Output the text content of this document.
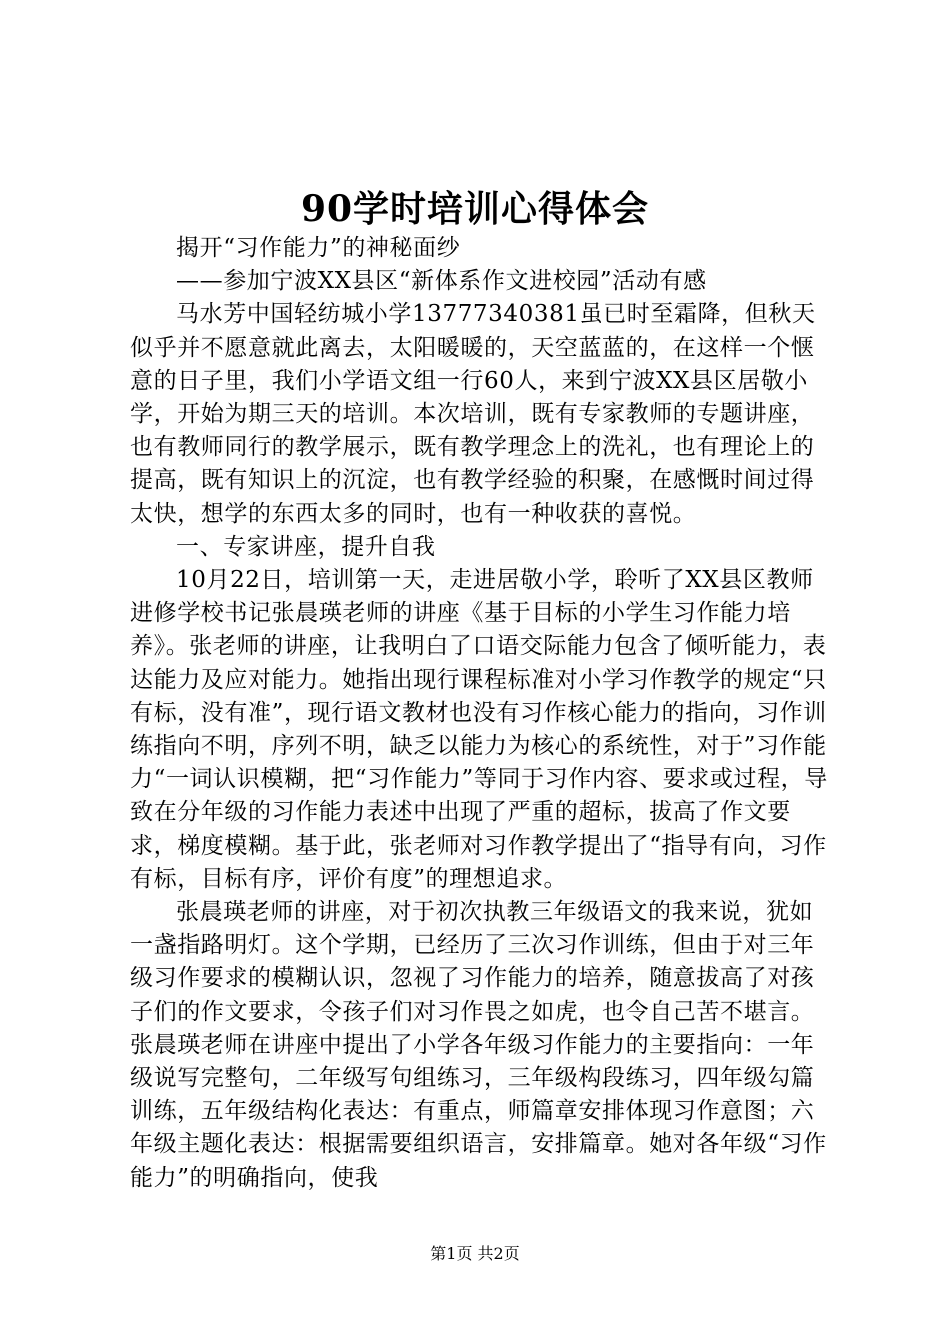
90学时培训心得体会

揭开“习作能力”的神秘面纱

——参加宁波XX县区“新体系作文进校园”活动有感

马水芳中国轻纺城小学13777340381虽已时至霜降，但秋天似乎并不愿意就此离去，太阳暖暖的，天空蓝蓝的，在这样一个惬意的日子里，我们小学语文组一行60人，来到宁波XX县区居敬小学，开始为期三天的培训。本次培训，既有专家教师的专题讲座，也有教师同行的教学展示，既有教学理念上的洗礼，也有理论上的提高，既有知识上的沉淀，也有教学经验的积聚，在感慨时间过得太快，想学的东西太多的同时，也有一种收获的喜悦。

一、专家讲座，提升自我

10月22日，培训第一天，走进居敬小学，聆听了XX县区教师进修学校书记张晨瑛老师的讲座《基于目标的小学生习作能力培养》。张老师的讲座，让我明白了口语交际能力包含了倾听能力，表达能力及应对能力。她指出现行课程标准对小学习作教学的规定“只有标，没有准”，现行语文教材也没有习作核心能力的指向，习作训练指向不明，序列不明，缺乏以能力为核心的系统性，对于”习作能力“一词认识模糊，把“习作能力”等同于习作内容、要求或过程，导致在分年级的习作能力表述中出现了严重的超标，拔高了作文要求，梯度模糊。基于此，张老师对习作教学提出了“指导有向，习作有标，目标有序，评价有度”的理想追求。

张晨瑛老师的讲座，对于初次执教三年级语文的我来说，犹如一盏指路明灯。这个学期，已经历了三次习作训练，但由于对三年级习作要求的模糊认识，忽视了习作能力的培养，随意拔高了对孩子们的作文要求，令孩子们对习作畏之如虎，也令自己苦不堪言。张晨瑛老师在讲座中提出了小学各年级习作能力的主要指向：一年级说写完整句，二年级写句组练习，三年级构段练习，四年级勾篇训练，五年级结构化表达：有重点，师篇章安排体现习作意图；六年级主题化表达：根据需要组织语言，安排篇章。她对各年级“习作能力”的明确指向，使我

第1页 共2页
